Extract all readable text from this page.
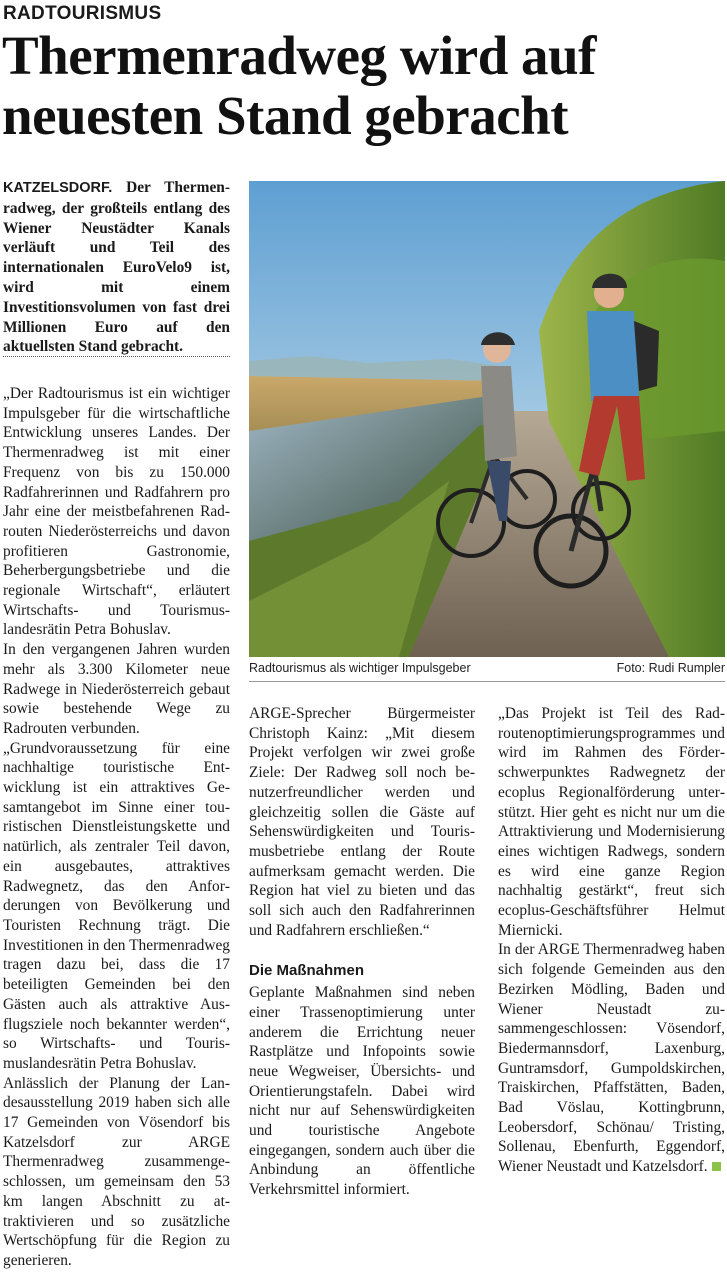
RADTOURISMUS
Thermenradweg wird auf
neuesten Stand gebracht
KATZELSDORF. Der Thermenradweg, der großteils entlang des Wiener Neustädter Kanals verläuft und Teil des internationalen EuroVelo9 ist, wird mit einem Investitionsvolumen von fast drei Millionen Euro auf den aktuellsten Stand gebracht.
Radtourismus als wichtiger Impulsgeber	Foto: Rudi Rumpler

„Der Radtourismus ist ein wichtiger Impulsgeber für die wirtschaftliche Entwicklung unseres Landes. Der Thermenradweg ist mit einer Frequenz von bis zu 150.000 Radfahrerinnen und Radfahrern pro Jahr eine der meistbefahrenen Radrouten Niederösterreichs und davon profitieren Gastronomie, Beherbergungsbetriebe und die regionale Wirtschaft“, erläutert Wirtschafts- und Tourismuslandesrätin Petra Bohuslav.

In den vergangenen Jahren wurden mehr als 3.300 Kilometer neue Radwege in Niederösterreich gebaut sowie bestehende Wege zu Radrouten verbunden.

„Grundvoraussetzung für eine nachhaltige touristische Entwicklung ist ein attraktives Gesamtangebot im Sinne einer touristischen Dienstleistungskette und natürlich, als zentraler Teil davon, ein ausgebautes, attraktives Radwegnetz, das den Anforderungen von Bevölkerung und Touristen Rechnung trägt. Die Investitionen in den Thermenradweg tragen dazu bei, dass die 17 beteiligten Gemeinden bei den Gästen auch als attraktive Ausflugsziele noch bekannter werden“, so Wirtschafts- und Tourismuslandesrätin Petra Bohuslav.

Anlässlich der Planung der Landesausstellung 2019 haben sich alle 17 Gemeinden von Vösendorf bis Katzelsdorf zur ARGE Thermenradweg zusammengeschlossen, um gemeinsam den 53 km langen Abschnitt zu attraktivieren und so zusätzliche Wertschöpfung für die Region zu generieren.

ARGE-Sprecher Bürgermeister Christoph Kainz: „Mit diesem Projekt verfolgen wir zwei große Ziele: Der Radweg soll noch benutzerfreundlicher werden und gleichzeitig sollen die Gäste auf Sehenswürdigkeiten und Tourismusbetriebe entlang der Route aufmerksam gemacht werden. Die Region hat viel zu bieten und das soll sich auch den Radfahrerinnen und Radfahrern erschließen.“

Die Maßnahmen

Geplante Maßnahmen sind neben einer Trassenoptimierung unter anderem die Errichtung neuer Rastplätze und Infopoints sowie neue Wegweiser, Übersichts- und Orientierungstafeln. Dabei wird nicht nur auf Sehenswürdigkeiten und touristische Angebote eingegangen, sondern auch über die Anbindung an öffentliche Verkehrsmittel informiert.

„Das Projekt ist Teil des Radroutenoptimierungsprogrammes und wird im Rahmen des Förderschwerpunktes Radwegnetz der ecoplus Regionalförderung unterstützt. Hier geht es nicht nur um die Attraktivierung und Modernisierung eines wichtigen Radwegs, sondern es wird eine ganze Region nachhaltig gestärkt“, freut sich ecoplus-Geschäftsführer Helmut Miernicki.

In der ARGE Thermenradweg haben sich folgende Gemeinden aus den Bezirken Mödling, Baden und Wiener Neustadt zusammengeschlossen: Vösendorf, Biedermannsdorf, Laxenburg, Guntramsdorf, Gumpoldskirchen, Traiskirchen, Pfaffstätten, Baden, Bad Vöslau, Kottingbrunn, Leobersdorf, Schönau/ Tristing, Sollenau, Ebenfurth, Eggendorf, Wiener Neustadt und Katzelsdorf.
